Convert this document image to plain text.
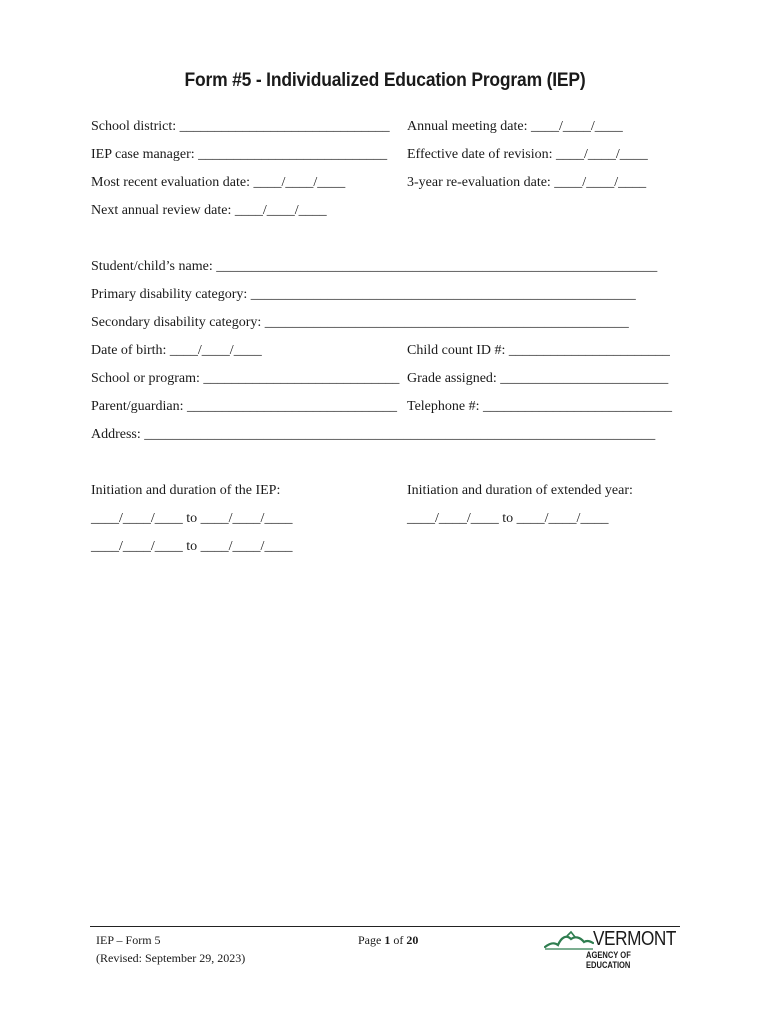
Form #5 - Individualized Education Program (IEP)
School district: ______________________________ Annual meeting date: ____/____/____
IEP case manager: ___________________________ Effective date of revision: ____/____/____
Most recent evaluation date: ____/____/____	3-year re-evaluation date: ____/____/____
Next annual review date: ____/____/____
Student/child’s name: _______________________________________________________________
Primary disability category: _______________________________________________________
Secondary disability category: ____________________________________________________
Date of birth: ____/____/____	Child count ID #: _______________________
School or program: ____________________________ Grade assigned: ________________________
Parent/guardian: ______________________________ Telephone #: ___________________________
Address: _________________________________________________________________________
Initiation and duration of the IEP:	Initiation and duration of extended year:
____/____/____ to ____/____/____	____/____/____ to ____/____/____
____/____/____ to ____/____/____
IEP – Form 5
(Revised: September 29, 2023)
Page 1 of 20	VERMONT
AGENCY OF EDUCATION
